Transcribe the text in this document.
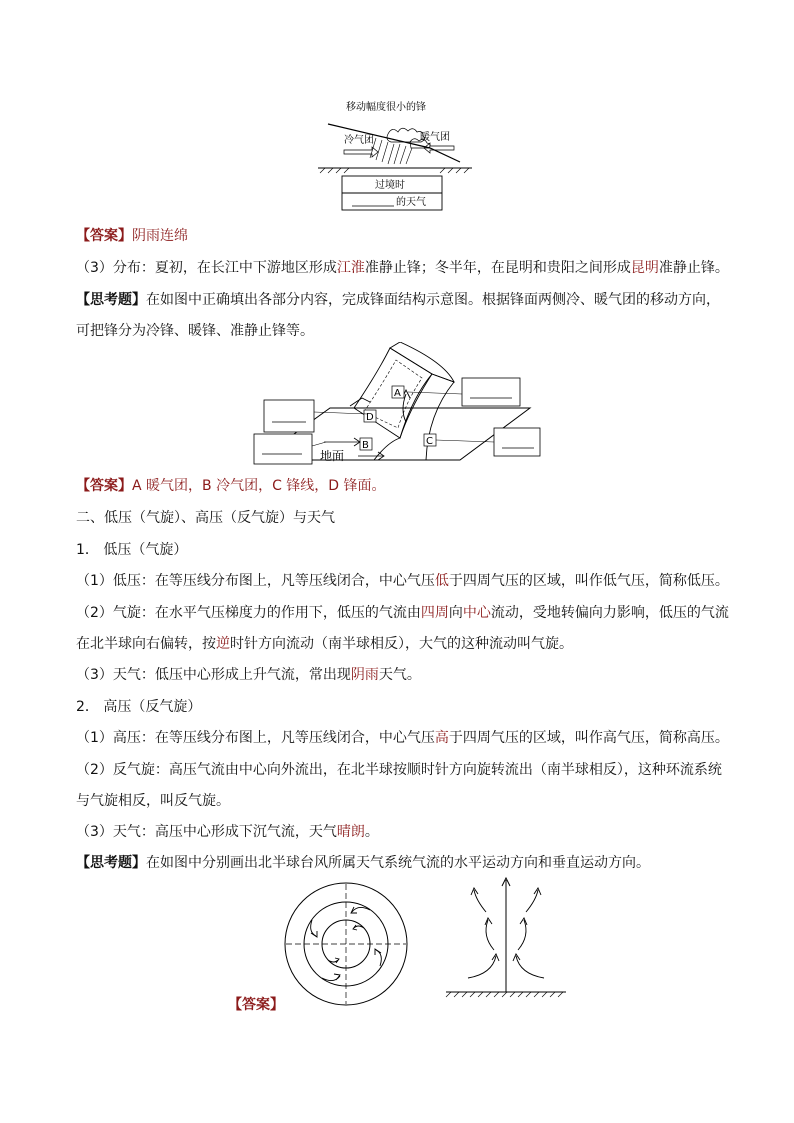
移动幅度很小的锋
冷气团	暖气团
过境时
的天气
【答案】阴雨连绵
（3）分布：夏初，在长江中下游地区形成江淮准静止锋；冬半年，在昆明和贵阳之间形成昆明准静止锋。
【思考题】在如图中正确填出各部分内容，完成锋面结构示意图。根据锋面两侧冷、暖气团的移动方向，
可把锋分为冷锋、暖锋、准静止锋等。
A
D
B	C
地面
【答案】A 暖气团，B 冷气团，C 锋线，D 锋面。
二、低压（气旋）、高压（反气旋）与天气
1． 低压（气旋）
（1）低压：在等压线分布图上，凡等压线闭合，中心气压低于四周气压的区域，叫作低气压，简称低压。
（2）气旋：在水平气压梯度力的作用下，低压的气流由四周向中心流动，受地转偏向力影响，低压的气流
在北半球向右偏转，按逆时针方向流动（南半球相反），大气的这种流动叫气旋。
（3）天气：低压中心形成上升气流，常出现阴雨天气。
2． 高压（反气旋）
（1）高压：在等压线分布图上，凡等压线闭合，中心气压高于四周气压的区域，叫作高气压，简称高压。
（2）反气旋：高压气流由中心向外流出，在北半球按顺时针方向旋转流出（南半球相反），这种环流系统
与气旋相反，叫反气旋。
（3）天气：高压中心形成下沉气流，天气晴朗。
【思考题】在如图中分别画出北半球台风所属天气系统气流的水平运动方向和垂直运动方向。
【答案】
